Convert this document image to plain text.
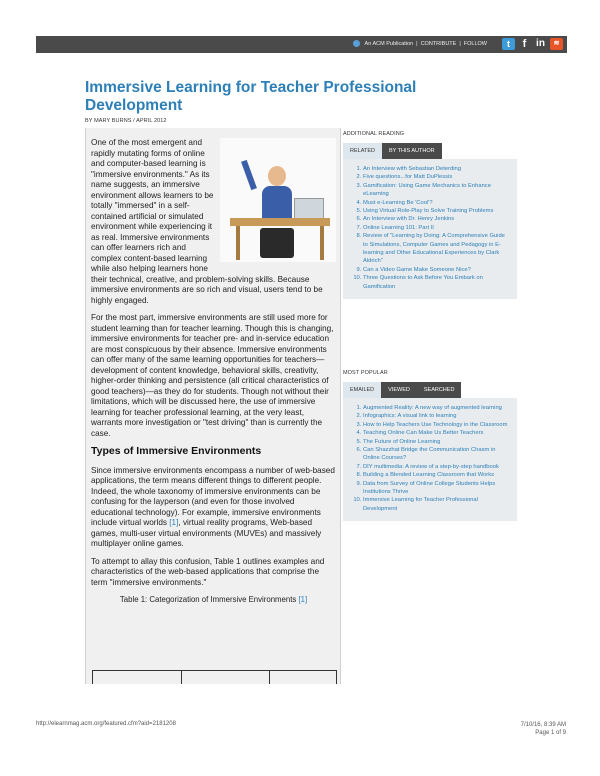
An ACM Publication | CONTRIBUTE | FOLLOW	t	f in	≋
Immersive Learning for Teacher Professional Development
BY MARY BURNS / APRIL 2012

One of the most emergent and rapidly mutating forms of online and computer-based learning is "immersive environments." As its name suggests, an immersive environment allows learners to be totally "immersed" in a self-contained artificial or simulated environment while experiencing it as real. Immersive environments can offer learners rich and complex content-based learning while also helping learners hone their technical, creative, and problem-solving skills. Because immersive environments are so rich and visual, users tend to be highly engaged.

For the most part, immersive environments are still used more for student learning than for teacher learning. Though this is changing, immersive environments for teacher pre- and in-service education are most conspicuous by their absence. Immersive environments can offer many of the same learning opportunities for teachers—development of content knowledge, behavioral skills, creativity, higher-order thinking and persistence (all critical characteristics of good teachers)—as they do for students. Though not without their limitations, which will be discussed here, the use of immersive learning for teacher professional learning, at the very least, warrants more investigation or "test driving" than is currently the case.

Types of Immersive Environments

Since immersive environments encompass a number of web-based applications, the term means different things to different people. Indeed, the whole taxonomy of immersive environments can be confusing for the layperson (and even for those involved educational technology). For example, immersive environments include virtual worlds [1], virtual reality programs, Web-based games, multi-user virtual environments (MUVEs) and massively multiplayer online games.

To attempt to allay this confusion, Table 1 outlines examples and characteristics of the web-based applications that comprise the term "immersive environments."

Table 1: Categorization of Immersive Environments [1]
ADDITIONAL READING
RELATED	BY THIS AUTHOR
1. An Interview with Sebastian Deterding
2. Five questions...for Matt DuPlessis
3. Gamification: Using Game Mechanics to Enhance eLearning
4. Must e-Learning Be 'Cool'?
5. Using Virtual Role-Play to Solve Training Problems
6. An Interview with Dr. Henry Jenkins
7. Online Learning 101: Part II
8. Review of "Learning by Doing: A Comprehensive Guide to Simulations, Computer Games and Pedagogy in E-learning and Other Educational Experiences by Clark Aldrich"
9. Can a Video Game Make Someone Nice?
10. Three Questions to Ask Before You Embark on Gamification
MOST POPULAR
EMAILED	VIEWED	SEARCHED
1. Augmented Reality: A new way of augmented learning
2. Infographics: A visual link to learning
3. How to Help Teachers Use Technology in the Classroom
4. Teaching Online Can Make Us Better Teachers
5. The Future of Online Learning
6. Can Shazzhat Bridge the Communication Chasm in Online Courses?
7. DIY multimedia: A review of a step-by-step handbook
8. Building a Blended Learning Classroom that Works
9. Data from Survey of Online College Students Helps Institutions Thrive
10. Immersive Learning for Teacher Professional Development
http://elearnmag.acm.org/featured.cfm?aid=2181208	7/10/16, 8:39 AM
Page 1 of 9
